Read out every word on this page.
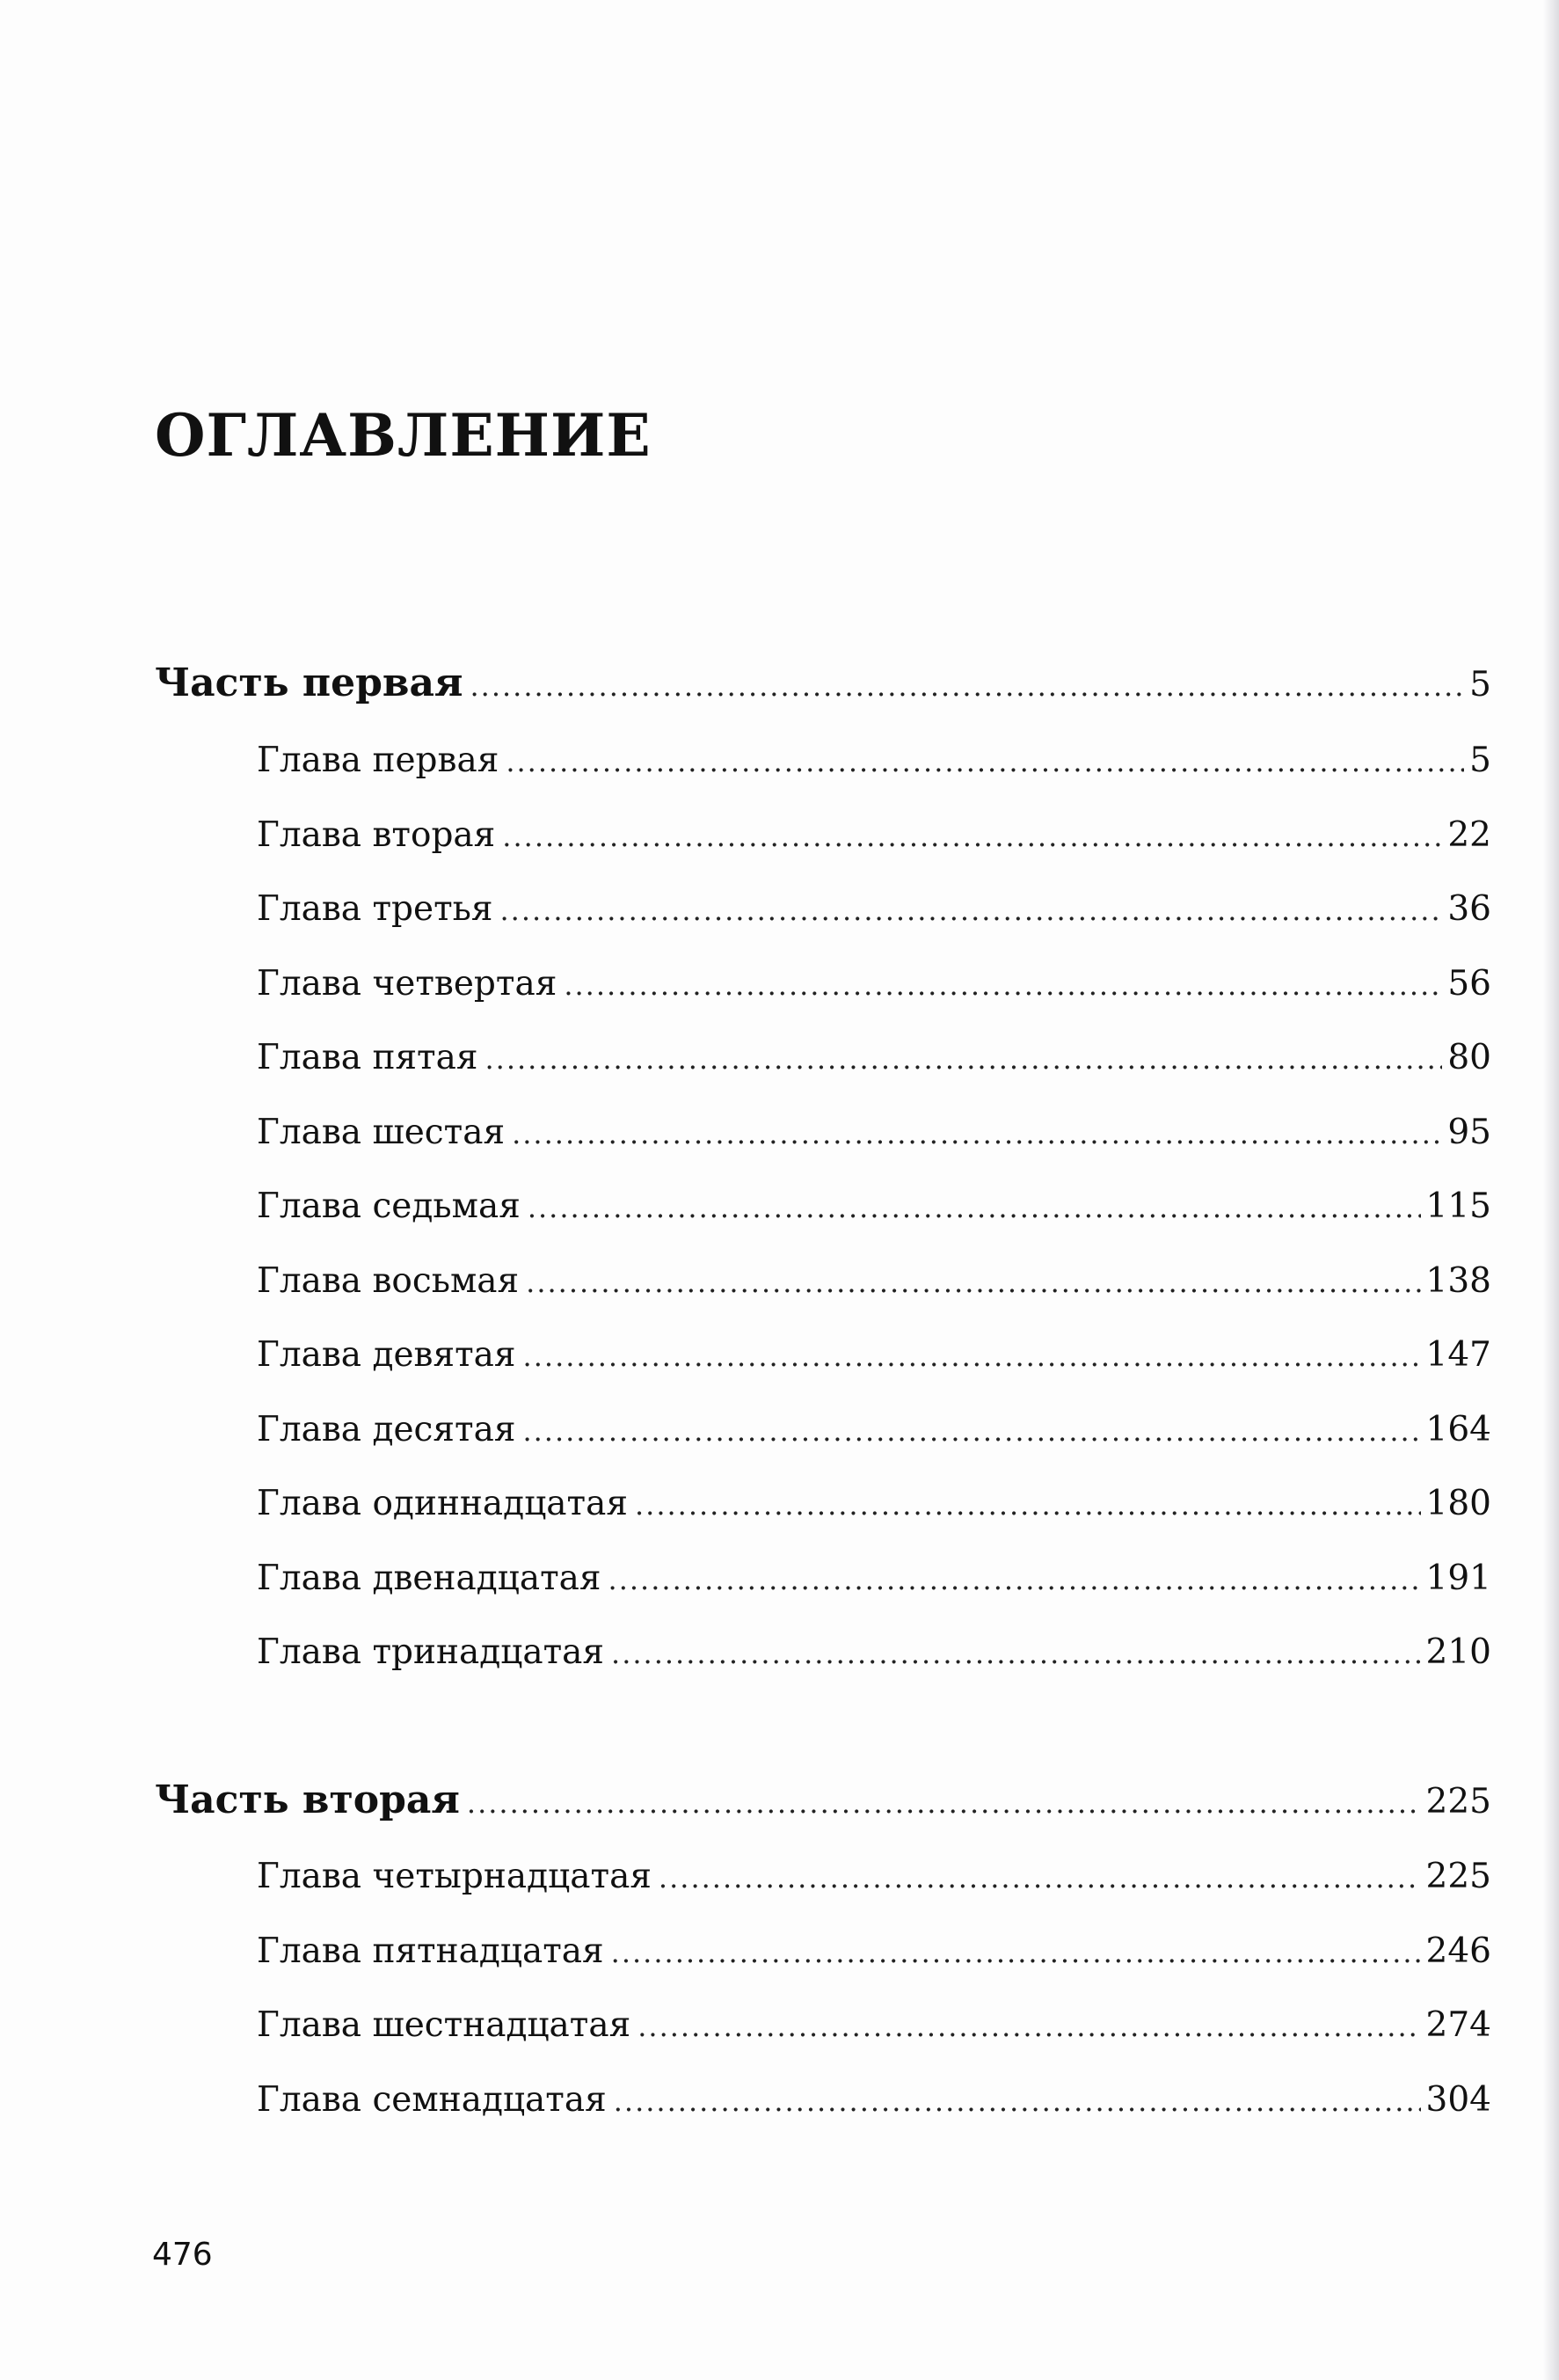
ОГЛАВЛЕНИЕ
Часть первая .....	5
Глава первая .....	5
Глава вторая .....	22
Глава третья .....	36
Глава четвертая .....	56
Глава пятая .....	80
Глава шестая .....	95
Глава седьмая .....	115
Глава восьмая .....	138
Глава девятая .....	147
Глава десятая .....	164
Глава одиннадцатая .....	180
Глава двенадцатая .....	191
Глава тринадцатая .....	210
Часть вторая .....	225
Глава четырнадцатая .....	225
Глава пятнадцатая .....	246
Глава шестнадцатая .....	274
Глава семнадцатая .....	304
476
